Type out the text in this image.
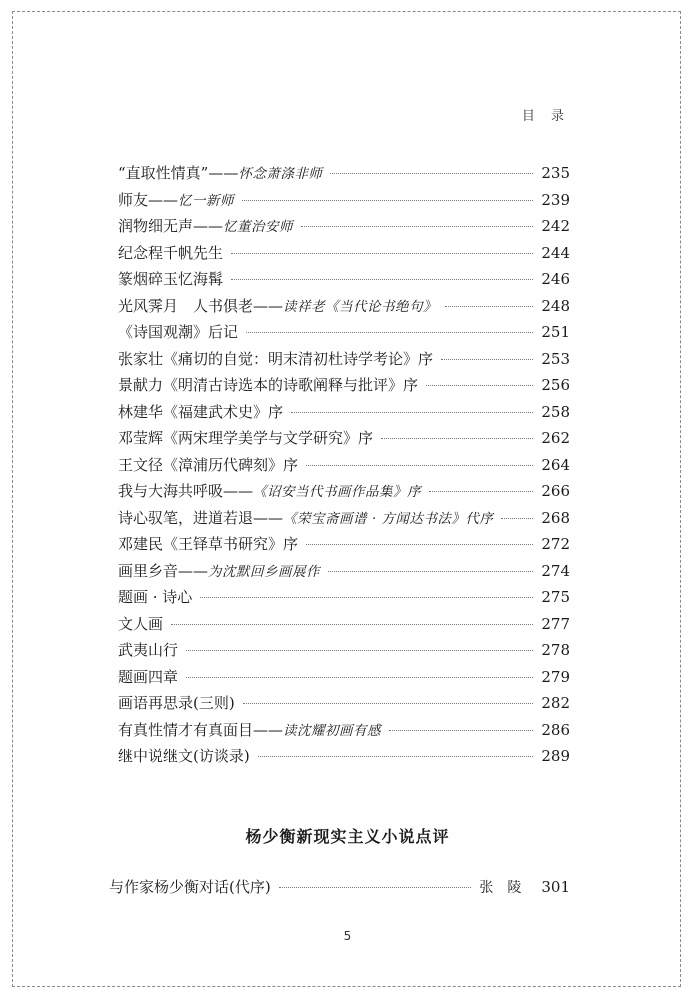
目 录
“直取性情真”——怀念萧涤非师	235
师友——忆一新师	239
润物细无声——忆董治安师	242
纪念程千帆先生	244
篆烟碎玉忆海髯	246
光风霁月　人书俱老——读祥老《当代论书绝句》	248
《诗国观潮》后记	251
张家壮《痛切的自觉：明末清初杜诗学考论》序	253
景献力《明清古诗选本的诗歌阐释与批评》序	256
林建华《福建武术史》序	258
邓莹辉《两宋理学美学与文学研究》序	262
王文径《漳浦历代碑刻》序	264
我与大海共呼吸——《诏安当代书画作品集》序	266
诗心驭笔，进道若退——《荣宝斋画谱 · 方闻达书法》代序	268
邓建民《王铎草书研究》序	272
画里乡音——为沈默回乡画展作	274
题画 · 诗心	275
文人画	277
武夷山行	278
题画四章	279
画语再思录(三则)	282
有真性情才有真面目——读沈耀初画有感	286
继中说继文(访谈录)	289
杨少衡新现实主义小说点评
与作家杨少衡对话(代序)	张陵 301
5
